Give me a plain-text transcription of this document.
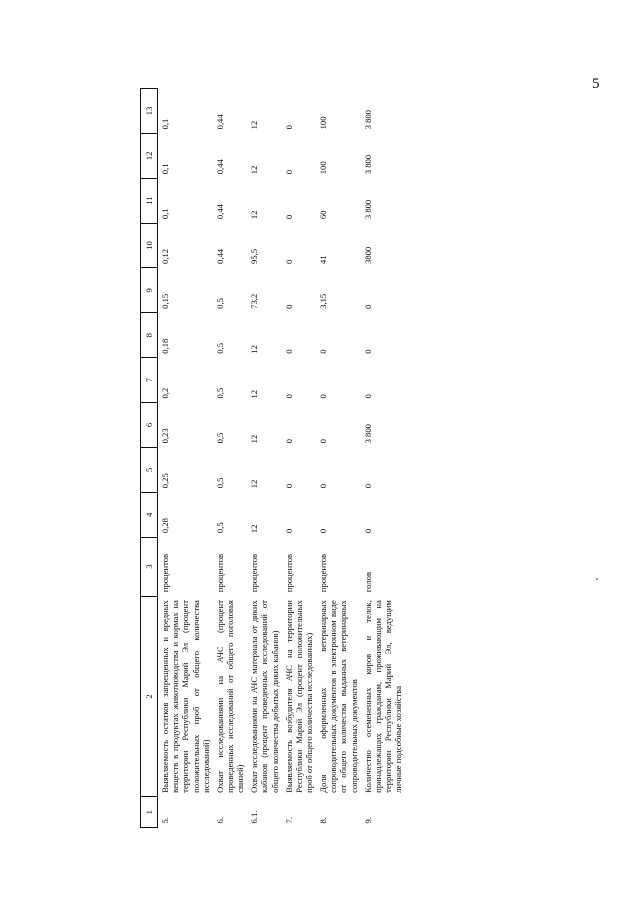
5
1	2	3	4	5	6	7	8	9	10	11	12	13
5.	Выявляемость остатков запрещенных и вредных веществ в продуктах животноводства и кормах на территории Республики Марий Эл (процент положительных проб от общего количества исследований)	процентов	0,28	0,25	0,23	0,2	0,18	0,15	0,12	0,1	0,1	0,1
6.	Охват исследованиями на АЧС (процент проведенных исследований от общего поголовья свиней)	процентов	0,5	0,5	0,5	0,5	0,5	0,5	0,44	0,44	0,44	0,44
6.1.	Охват исследованиями на АЧС материала от диких кабанов (процент проведенных исследований от общего количества добытых диких кабанов)	процентов	12	12	12	12	12	73,2	95,5	12	12	12
7.	Выявляемость возбудителя АЧС на территории Республики Марий Эл (процент положительных проб от общего количества исследованных)	процентов	0	0	0	0	0	0	0	0	0	0
8.	Доля оформленных ветеринарных сопроводительных документов в электронном виде от общего количества выданных ветеринарных сопроводительных документов	процентов	0	0	0	0	0	3,15	41	60	100	100
9.	Количество осемененных коров и телок, принадлежащих гражданам, проживающим на территории Республики Марий Эл, ведущим личные подсобные хозяйства	голов	0	0	3 800	0	0	0	3800	3 800	3 800	3 800
